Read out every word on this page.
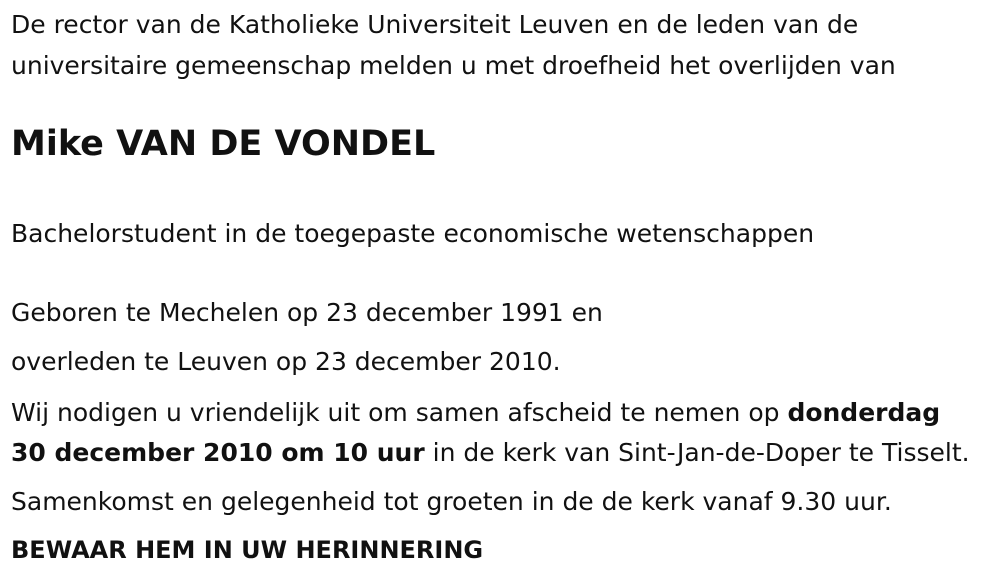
De rector van de Katholieke Universiteit Leuven en de leden van de

universitaire gemeenschap melden u met droefheid het overlijden van

Mike VAN DE VONDEL

Bachelorstudent in de toegepaste economische wetenschappen

Geboren te Mechelen op 23 december 1991 en

overleden te Leuven op 23 december 2010.

Wij nodigen u vriendelijk uit om samen afscheid te nemen op donderdag

30 december 2010 om 10 uur in de kerk van Sint-Jan-de-Doper te Tisselt.

Samenkomst en gelegenheid tot groeten in de de kerk vanaf 9.30 uur.

BEWAAR HEM IN UW HERINNERING
